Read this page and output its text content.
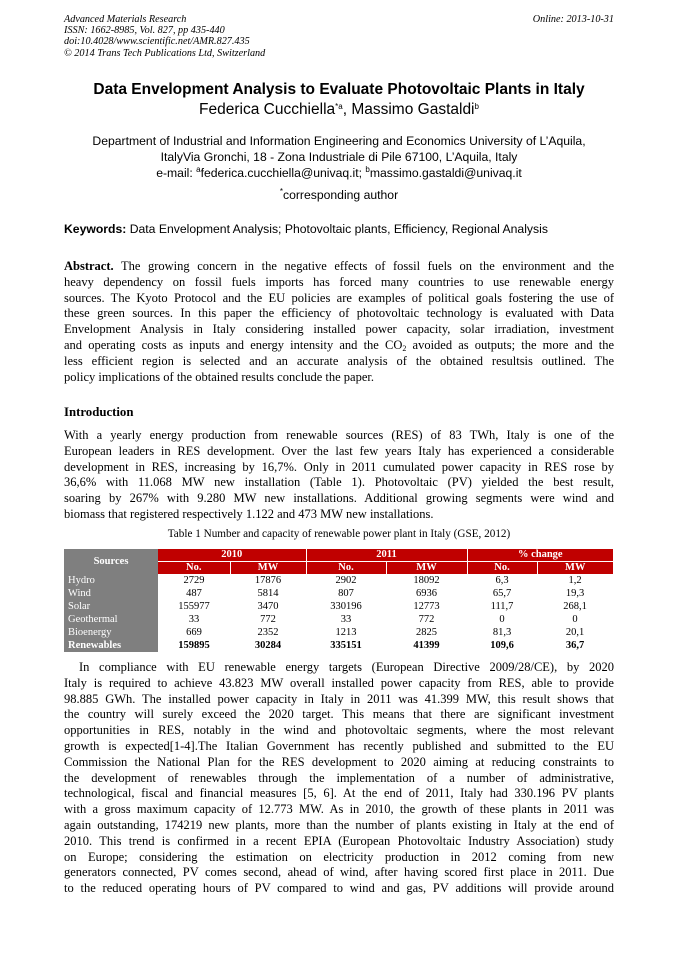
Advanced Materials Research
ISSN: 1662-8985, Vol. 827, pp 435-440
doi:10.4028/www.scientific.net/AMR.827.435
© 2014 Trans Tech Publications Ltd, Switzerland
Online: 2013-10-31
Data Envelopment Analysis to Evaluate Photovoltaic Plants in Italy
Federica Cucchiella$^{*a}$, Massimo Gastaldi$^b$
Department of Industrial and Information Engineering and Economics University of L’Aquila,
ItalyVia Gronchi, 18 - Zona Industriale di Pile 67100, L’Aquila, Italy
e-mail: $^a$federica.cucchiella@univaq.it; $^b$massimo.gastaldi@univaq.it
*corresponding author
Keywords: Data Envelopment Analysis; Photovoltaic plants, Efficiency, Regional Analysis
Abstract. The growing concern in the negative effects of fossil fuels on the environment and the
heavy dependency on fossil fuels imports has forced many countries to use renewable energy
sources. The Kyoto Protocol and the EU policies are examples of political goals fostering the use of
these green sources. In this paper the efficiency of photovoltaic technology is evaluated with Data
Envelopment Analysis in Italy considering installed power capacity, solar irradiation, investment
and operating costs as inputs and energy intensity and the $CO_2$ avoided as outputs; the more and the
less efficient region is selected and an accurate analysis of the obtained resultsis outlined. The
policy implications of the obtained results conclude the paper.
Introduction
With a yearly energy production from renewable sources (RES) of 83 TWh, Italy is one of the
European leaders in RES development. Over the last few years Italy has experienced a considerable
development in RES, increasing by 16,7%. Only in 2011 cumulated power capacity in RES rose by
36,6% with 11.068 MW new installation (Table 1). Photovoltaic (PV) yielded the best result,
soaring by 267% with 9.280 MW new installations. Additional growing segments were wind and
biomass that registered respectively 1.122 and 473 MW new installations.
Table 1 Number and capacity of renewable power plant in Italy (GSE, 2012)
Sources	2010		2011		% change	
	No.	MW	No.	MW	No.	MW
Hydro	2729	17876	2902	18092	6,3	1,2
Wind	487	5814	807	6936	65,7	19,3
Solar	155977	3470	330196	12773	111,7	268,1
Geothermal	33	772	33	772	0	0
Bioenergy	669	2352	1213	2825	81,3	20,1
Renewables	159895	30284	335151	41399	109,6	36,7
In compliance with EU renewable energy targets (European Directive 2009/28/CE), by 2020
Italy is required to achieve 43.823 MW overall installed power capacity from RES, able to provide
98.885 GWh. The installed power capacity in Italy in 2011 was 41.399 MW, this result shows that
the country will surely exceed the 2020 target. This means that there are significant investment
opportunities in RES, notably in the wind and photovoltaic segments, where the most relevant
growth is expected[1-4].The Italian Government has recently published and submitted to the EU
Commission the National Plan for the RES development to 2020 aiming at reducing constraints to
the development of renewables through the implementation of a number of administrative,
technological, fiscal and financial measures [5, 6]. At the end of 2011, Italy had 330.196 PV plants
with a gross maximum capacity of 12.773 MW. As in 2010, the growth of these plants in 2011 was
again outstanding, 174219 new plants, more than the number of plants existing in Italy at the end of
2010. This trend is confirmed in a recent EPIA (European Photovoltaic Industry Association) study
on Europe; considering the estimation on electricity production in 2012 coming from new
generators connected, PV comes second, ahead of wind, after having scored first place in 2011. Due
to the reduced operating hours of PV compared to wind and gas, PV additions will provide around
